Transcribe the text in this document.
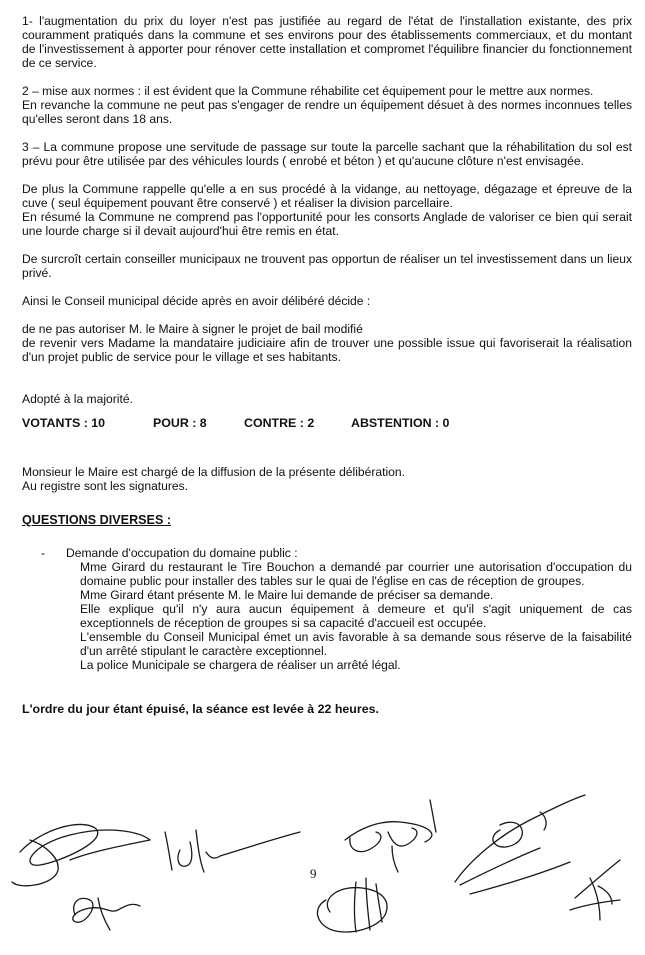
1- l'augmentation du prix du loyer n'est pas justifiée au regard de l'état de l'installation existante, des prix couramment pratiqués dans la commune et ses environs pour des établissements commerciaux, et du montant de l'investissement à apporter pour rénover cette installation et compromet l'équilibre financier du fonctionnement de ce service.

2 – mise aux normes : il est évident que la Commune réhabilite cet équipement pour le mettre aux normes.

En revanche la commune ne peut pas s'engager de rendre un équipement désuet à des normes inconnues telles qu'elles seront dans 18 ans.

3 – La commune propose une servitude de passage sur toute la parcelle sachant que la réhabilitation du sol est prévu pour être utilisée par des véhicules lourds ( enrobé et béton ) et qu'aucune clôture n'est envisagée.

De plus la Commune rappelle qu'elle a en sus procédé à la vidange, au nettoyage, dégazage et épreuve de la cuve ( seul équipement pouvant être conservé ) et réaliser la division parcellaire.

En résumé la Commune ne comprend pas l'opportunité pour les consorts Anglade de valoriser ce bien qui serait une lourde charge si il devait aujourd'hui être remis en état.

De surcroît certain conseiller municipaux ne trouvent pas opportun de réaliser un tel investissement dans un lieux privé.

Ainsi le Conseil municipal décide après en avoir délibéré décide :

de ne pas autoriser M. le Maire à signer le projet de bail modifié

de revenir vers Madame la mandataire judiciaire afin de trouver une possible issue qui favoriserait la réalisation d'un projet public de service pour le village et ses habitants.

Adopté à la majorité.

VOTANTS : 10	POUR : 8	CONTRE : 2	ABSTENTION : 0

Monsieur le Maire est chargé de la diffusion de la présente délibération.

Au registre sont les signatures.

QUESTIONS DIVERSES :
- Demande d'occupation du domaine public :

Mme Girard du restaurant le Tire Bouchon a demandé par courrier une autorisation d'occupation du domaine public pour installer des tables sur le quai de l'église en cas de réception de groupes.

Mme Girard étant présente M. le Maire lui demande de préciser sa demande.

Elle explique qu'il n'y aura aucun équipement à demeure et qu'il s'agit uniquement de cas exceptionnels de réception de groupes si sa capacité d'accueil est occupée.

L'ensemble du Conseil Municipal émet un avis favorable à sa demande sous réserve de la faisabilité d'un arrêté stipulant le caractère exceptionnel.

La police Municipale se chargera de réaliser un arrêté légal.

L'ordre du jour étant épuisé, la séance est levée à 22 heures.

9
